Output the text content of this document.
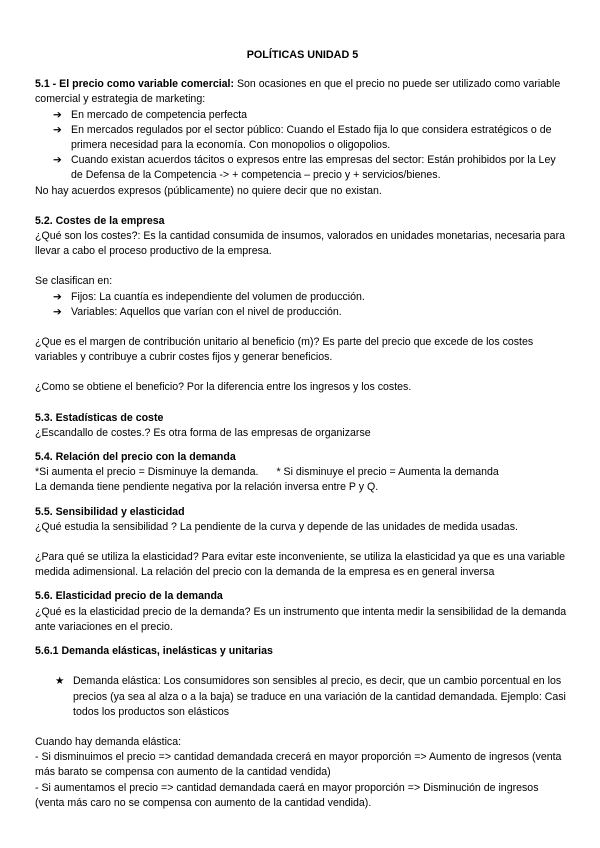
POLÍTICAS UNIDAD 5

5.1 - El precio como variable comercial: Son ocasiones en que el precio no puede ser utilizado como variable comercial y estrategia de marketing:

➔ En mercado de competencia perfecta
➔ En mercados regulados por el sector público: Cuando el Estado fija lo que considera estratégicos o de primera necesidad para la economía. Con monopolios o oligopolios.
➔ Cuando existan acuerdos tácitos o expresos entre las empresas del sector: Están prohibidos por la Ley de Defensa de la Competencia -> + competencia – precio y + servicios/bienes.

No hay acuerdos expresos (públicamente) no quiere decir que no existan.

5.2. Costes de la empresa

¿Qué son los costes?: Es la cantidad consumida de insumos, valorados en unidades monetarias, necesaria para llevar a cabo el proceso productivo de la empresa.

Se clasifican en:

➔ Fijos: La cuantía es independiente del volumen de producción.
➔ Variables: Aquellos que varían con el nivel de producción.

¿Que es el margen de contribución unitario al beneficio (m)? Es parte del precio que excede de los costes variables y contribuye a cubrir costes fijos y generar beneficios.

¿Como se obtiene el beneficio? Por la diferencia entre los ingresos y los costes.

5.3. Estadísticas de coste

¿Escandallo de costes.? Es otra forma de las empresas de organizarse

5.4. Relación del precio con la demanda

*Si aumenta el precio = Disminuye la demanda. * Si disminuye el precio = Aumenta la demanda

La demanda tiene pendiente negativa por la relación inversa entre P y Q.

5.5. Sensibilidad y elasticidad

¿Qué estudia la sensibilidad ? La pendiente de la curva y depende de las unidades de medida usadas.

¿Para qué se utiliza la elasticidad? Para evitar este inconveniente, se utiliza la elasticidad ya que es una variable medida adimensional. La relación del precio con la demanda de la empresa es en general inversa

5.6. Elasticidad precio de la demanda

¿Qué es la elasticidad precio de la demanda? Es un instrumento que intenta medir la sensibilidad de la demanda ante variaciones en el precio.

5.6.1 Demanda elásticas, inelásticas y unitarias

★ Demanda elástica: Los consumidores son sensibles al precio, es decir, que un cambio porcentual en los precios (ya sea al alza o a la baja) se traduce en una variación de la cantidad demandada. Ejemplo: Casi todos los productos son elásticos

Cuando hay demanda elástica:

- Si disminuimos el precio => cantidad demandada crecerá en mayor proporción => Aumento de ingresos (venta más barato se compensa con aumento de la cantidad vendida)

- Si aumentamos el precio => cantidad demandada caerá en mayor proporción => Disminución de ingresos (venta más caro no se compensa con aumento de la cantidad vendida).
